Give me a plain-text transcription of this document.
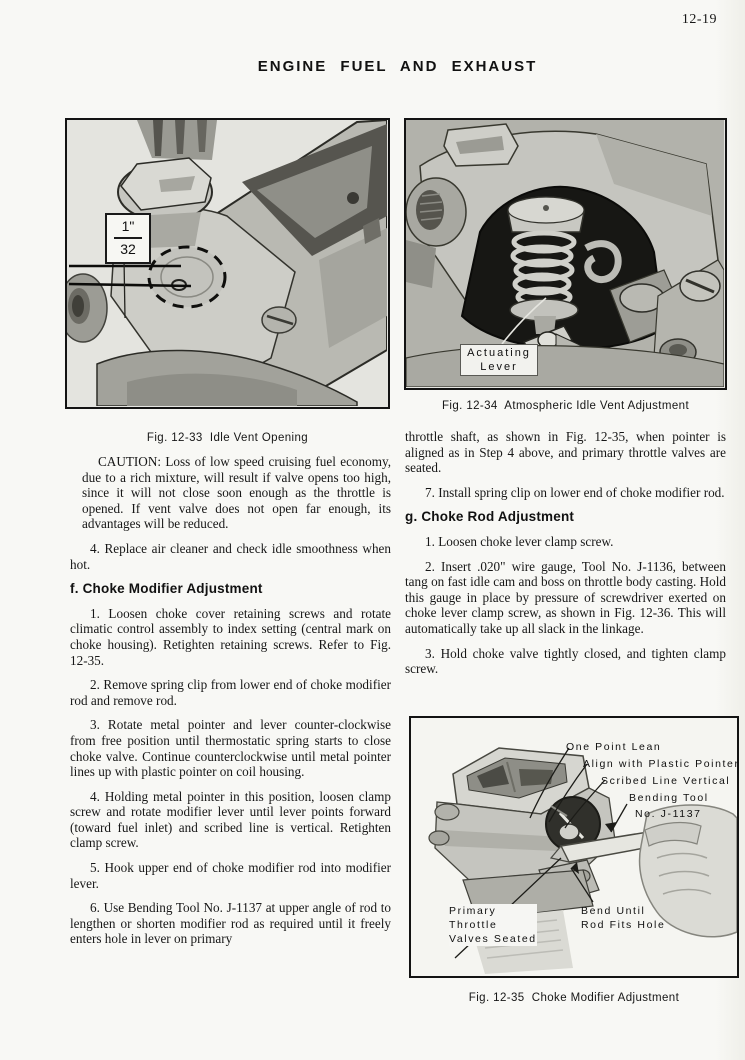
12-19
ENGINE FUEL AND EXHAUST
$\frac{1"}{32}$
Fig. 12-33  Idle Vent Opening
Actuating
Lever
Fig. 12-34  Atmospheric Idle Vent Adjustment

CAUTION: Loss of low speed cruising fuel economy, due to a rich mixture, will result if valve opens too high, since it will not close soon enough as the throttle is opened. If vent valve does not open far enough, its advantages will be reduced.

4. Replace air cleaner and check idle smoothness when hot.

f. Choke Modifier Adjustment

1. Loosen choke cover retaining screws and rotate climatic control assembly to index setting (central mark on choke housing). Retighten retaining screws. Refer to Fig. 12-35.

2. Remove spring clip from lower end of choke modifier rod and remove rod.

3. Rotate metal pointer and lever counter-clockwise from free position until thermostatic spring starts to close choke valve. Continue counterclockwise until metal pointer lines up with plastic pointer on coil housing.

4. Holding metal pointer in this position, loosen clamp screw and rotate modifier lever until lever points forward (toward fuel inlet) and scribed line is vertical. Retighten clamp screw.

5. Hook upper end of choke modifier rod into modifier lever.

6. Use Bending Tool No. J-1137 at upper angle of rod to lengthen or shorten modifier rod as required until it freely enters hole in lever on primary

throttle shaft, as shown in Fig. 12-35, when pointer is aligned as in Step 4 above, and primary throttle valves are seated.

7. Install spring clip on lower end of choke modifier rod.

g. Choke Rod Adjustment

1. Loosen choke lever clamp screw.

2. Insert .020" wire gauge, Tool No. J-1136, between tang on fast idle cam and boss on throttle body casting. Hold this gauge in place by pressure of screwdriver exerted on choke lever clamp screw, as shown in Fig. 12-36. This will automatically take up all slack in the linkage.

3. Hold choke valve tightly closed, and tighten clamp screw.

One Point Lean
Align with Plastic Pointer
Scribed Line Vertical
Bending Tool
No. J-1137
Bend Until
Rod Fits Hole
Primary
Throttle
Valves Seated
Fig. 12-35  Choke Modifier Adjustment
